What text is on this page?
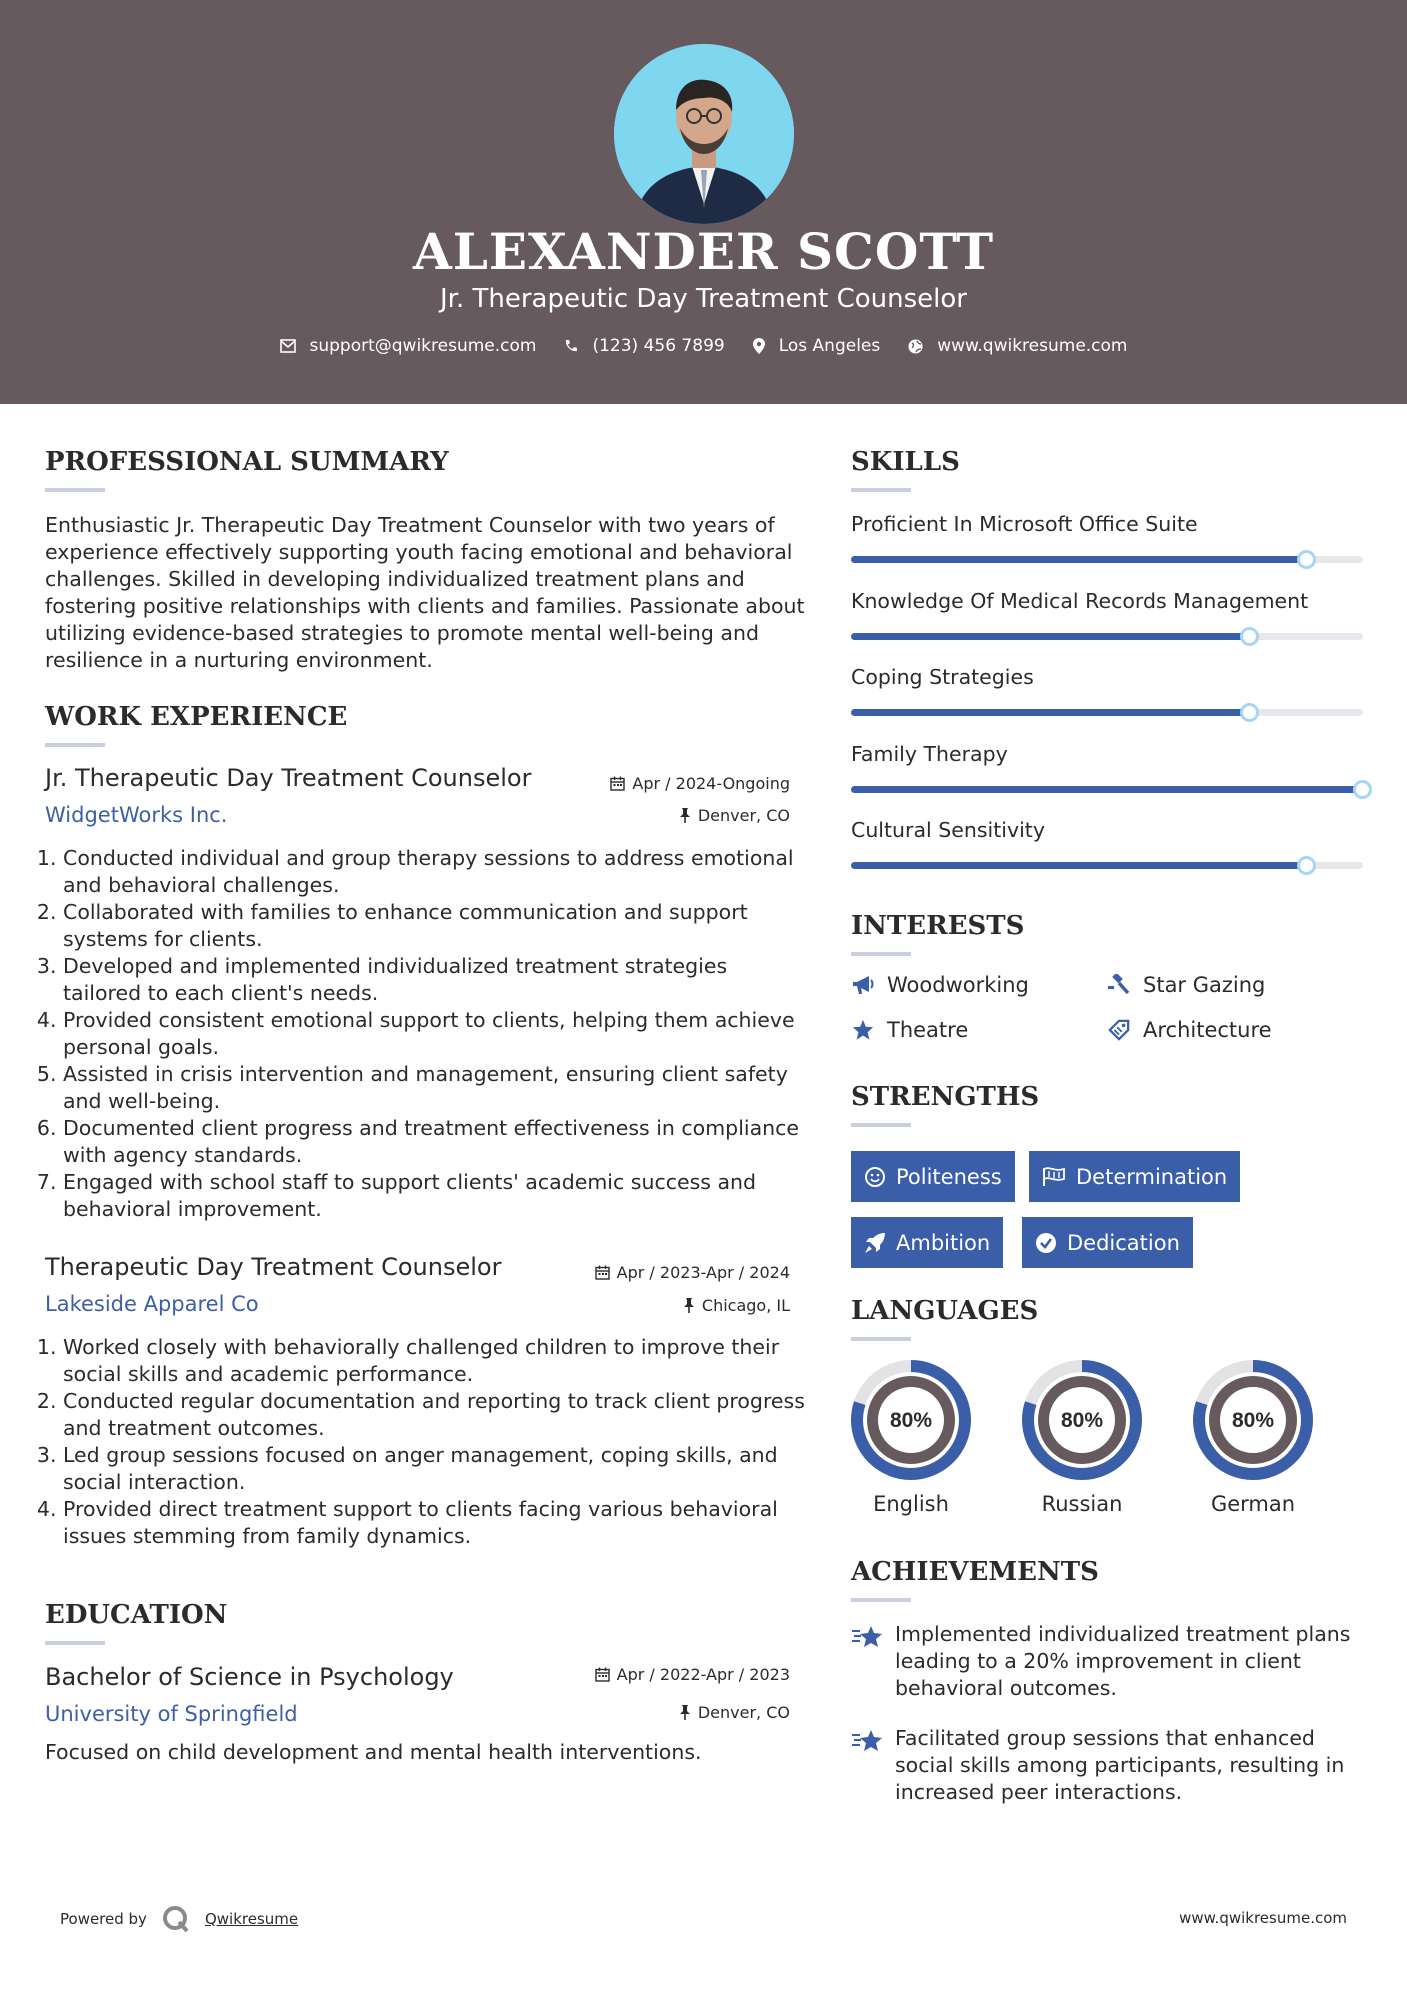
ALEXANDER SCOTT
Jr. Therapeutic Day Treatment Counselor
support@qwikresume.com	(123) 456 7899	Los Angeles	www.qwikresume.com
PROFESSIONAL SUMMARY
Enthusiastic Jr. Therapeutic Day Treatment Counselor with two years of experience effectively supporting youth facing emotional and behavioral challenges. Skilled in developing individualized treatment plans and fostering positive relationships with clients and families. Passionate about utilizing evidence-based strategies to promote mental well-being and resilience in a nurturing environment.
WORK EXPERIENCE
Jr. Therapeutic Day Treatment Counselor
WidgetWorks Inc.
Apr / 2024-Ongoing
Denver, CO
1. Conducted individual and group therapy sessions to address emotional and behavioral challenges.
2. Collaborated with families to enhance communication and support systems for clients.
3. Developed and implemented individualized treatment strategies tailored to each client's needs.
4. Provided consistent emotional support to clients, helping them achieve personal goals.
5. Assisted in crisis intervention and management, ensuring client safety and well-being.
6. Documented client progress and treatment effectiveness in compliance with agency standards.
7. Engaged with school staff to support clients' academic success and behavioral improvement.
Therapeutic Day Treatment Counselor
Lakeside Apparel Co
Apr / 2023-Apr / 2024
Chicago, IL
1. Worked closely with behaviorally challenged children to improve their social skills and academic performance.
2. Conducted regular documentation and reporting to track client progress and treatment outcomes.
3. Led group sessions focused on anger management, coping skills, and social interaction.
4. Provided direct treatment support to clients facing various behavioral issues stemming from family dynamics.
EDUCATION
Bachelor of Science in Psychology
University of Springfield
Apr / 2022-Apr / 2023
Denver, CO
Focused on child development and mental health interventions.
SKILLS
Proficient In Microsoft Office Suite
Knowledge Of Medical Records Management
Coping Strategies
Family Therapy
Cultural Sensitivity
INTERESTS
Woodworking	Star Gazing
Theatre	Architecture
STRENGTHS
Politeness	Determination
Ambition	Dedication
LANGUAGES
80%
English
80%
Russian
80%
German
ACHIEVEMENTS
Implemented individualized treatment plans leading to a 20% improvement in client behavioral outcomes.
Facilitated group sessions that enhanced social skills among participants, resulting in increased peer interactions.
Powered by	Qwikresume	www.qwikresume.com
